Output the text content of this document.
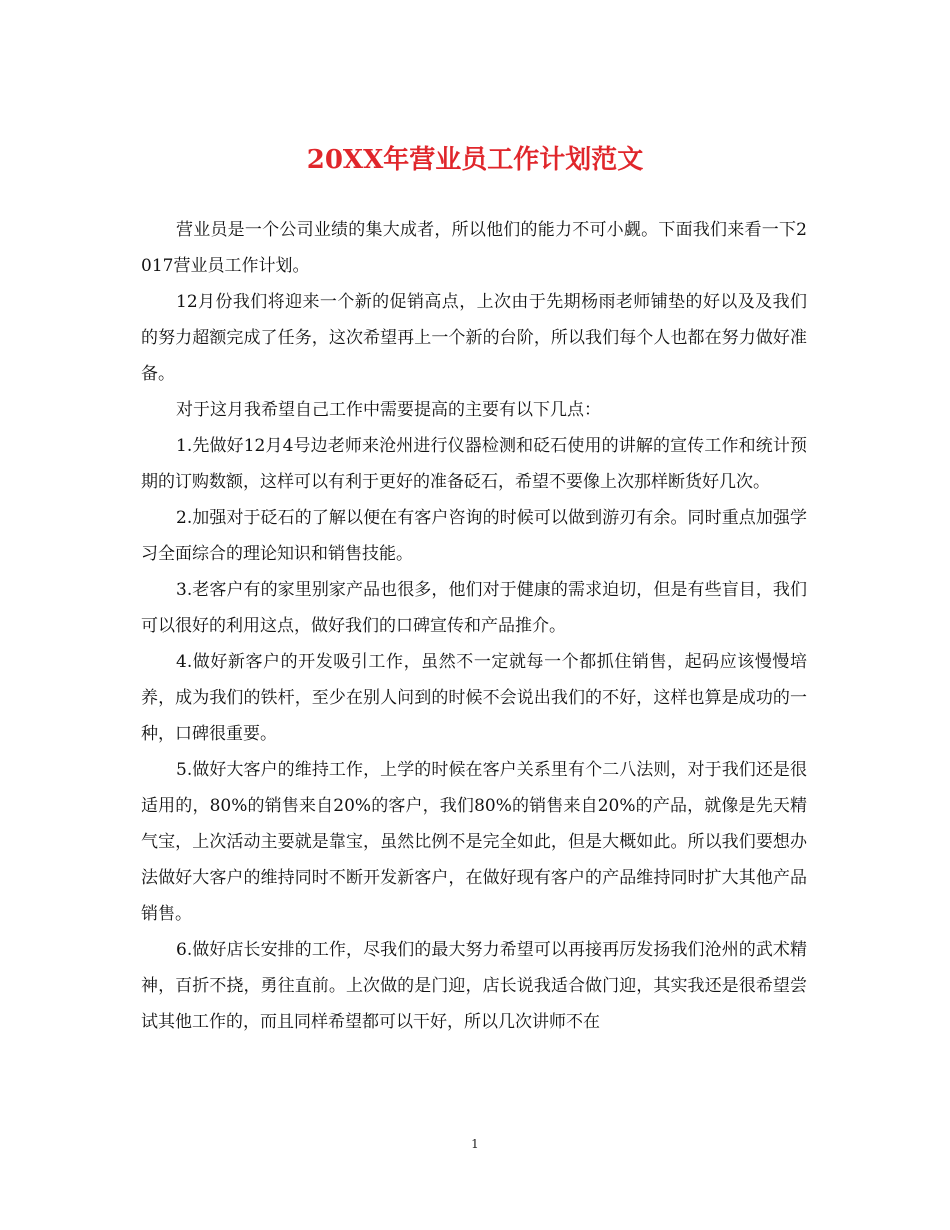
20XX年营业员工作计划范文

营业员是一个公司业绩的集大成者，所以他们的能力不可小觑。下面我们来看一下2017营业员工作计划。

12月份我们将迎来一个新的促销高点，上次由于先期杨雨老师铺垫的好以及及我们的努力超额完成了任务，这次希望再上一个新的台阶，所以我们每个人也都在努力做好准备。

对于这月我希望自己工作中需要提高的主要有以下几点：

1.先做好12月4号边老师来沧州进行仪器检测和砭石使用的讲解的宣传工作和统计预期的订购数额，这样可以有利于更好的准备砭石，希望不要像上次那样断货好几次。

2.加强对于砭石的了解以便在有客户咨询的时候可以做到游刃有余。同时重点加强学习全面综合的理论知识和销售技能。

3.老客户有的家里别家产品也很多，他们对于健康的需求迫切，但是有些盲目，我们可以很好的利用这点，做好我们的口碑宣传和产品推介。

4.做好新客户的开发吸引工作，虽然不一定就每一个都抓住销售，起码应该慢慢培养，成为我们的铁杆，至少在别人问到的时候不会说出我们的不好，这样也算是成功的一种，口碑很重要。

5.做好大客户的维持工作，上学的时候在客户关系里有个二八法则，对于我们还是很适用的，80%的销售来自20%的客户，我们80%的销售来自20%的产品，就像是先天精气宝，上次活动主要就是靠宝，虽然比例不是完全如此，但是大概如此。所以我们要想办法做好大客户的维持同时不断开发新客户，在做好现有客户的产品维持同时扩大其他产品销售。

6.做好店长安排的工作，尽我们的最大努力希望可以再接再厉发扬我们沧州的武术精神，百折不挠，勇往直前。上次做的是门迎，店长说我适合做门迎，其实我还是很希望尝试其他工作的，而且同样希望都可以干好，所以几次讲师不在

1
